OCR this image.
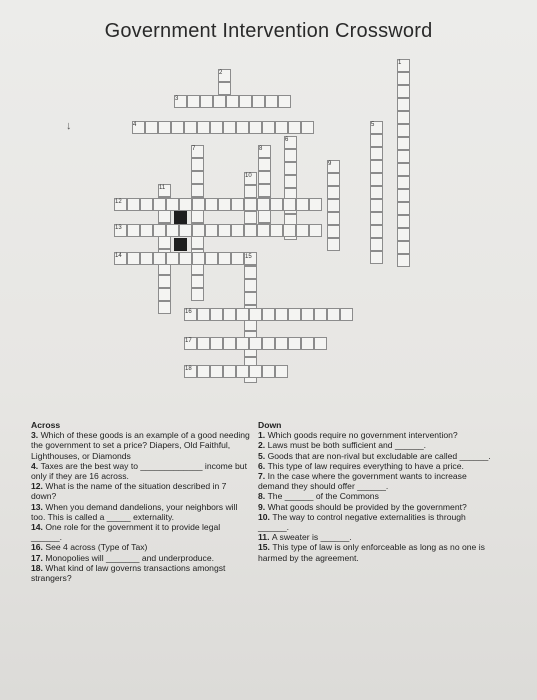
Government Intervention Crossword
↓
1
2
3
4	5
6
7	8
9
10
11
12
13
14	15
16
17
18
Across
3. Which of these goods is an example of a good needing the government to set a price? Diapers, Old Faithful, Lighthouses, or Diamonds
4. Taxes are the best way to _____________ income but only if they are 16 across.
12. What is the name of the situation described in 7 down?
13. When you demand dandelions, your neighbors will too. This is called a _____ externality.
14. One role for the government it to provide legal ______.
16. See 4 across (Type of Tax)
17. Monopolies will _______ and underproduce.
18. What kind of law governs transactions amongst strangers?
Down
1. Which goods require no government intervention?
2. Laws must be both sufficient and ______.
5. Goods that are non-rival but excludable are called ______.
6. This type of law requires everything to have a price.
7. In the case where the government wants to increase demand they should offer ______.
8. The ______ of the Commons
9. What goods should be provided by the government?
10. The way to control negative externalities is through ______.
11. A sweater is ______.
15. This type of law is only enforceable as long as no one is harmed by the agreement.
